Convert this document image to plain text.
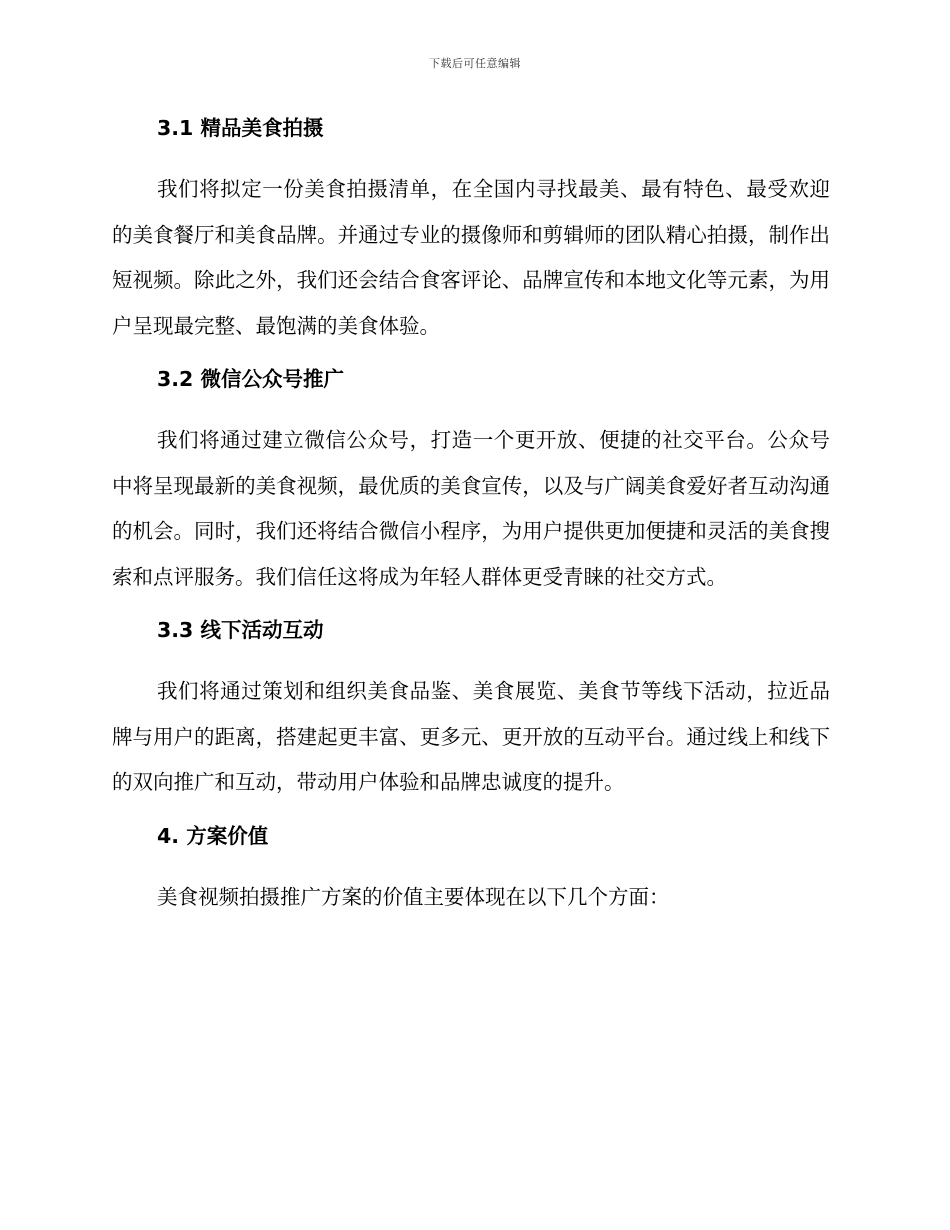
下载后可任意编辑
3.1 精品美食拍摄

我们将拟定一份美食拍摄清单，在全国内寻找最美、最有特色、最受欢迎的美食餐厅和美食品牌。并通过专业的摄像师和剪辑师的团队精心拍摄，制作出短视频。除此之外，我们还会结合食客评论、品牌宣传和本地文化等元素，为用户呈现最完整、最饱满的美食体验。

3.2 微信公众号推广

我们将通过建立微信公众号，打造一个更开放、便捷的社交平台。公众号中将呈现最新的美食视频，最优质的美食宣传，以及与广阔美食爱好者互动沟通的机会。同时，我们还将结合微信小程序，为用户提供更加便捷和灵活的美食搜索和点评服务。我们信任这将成为年轻人群体更受青睐的社交方式。

3.3 线下活动互动

我们将通过策划和组织美食品鉴、美食展览、美食节等线下活动，拉近品牌与用户的距离，搭建起更丰富、更多元、更开放的互动平台。通过线上和线下的双向推广和互动，带动用户体验和品牌忠诚度的提升。

4. 方案价值

美食视频拍摄推广方案的价值主要体现在以下几个方面：
